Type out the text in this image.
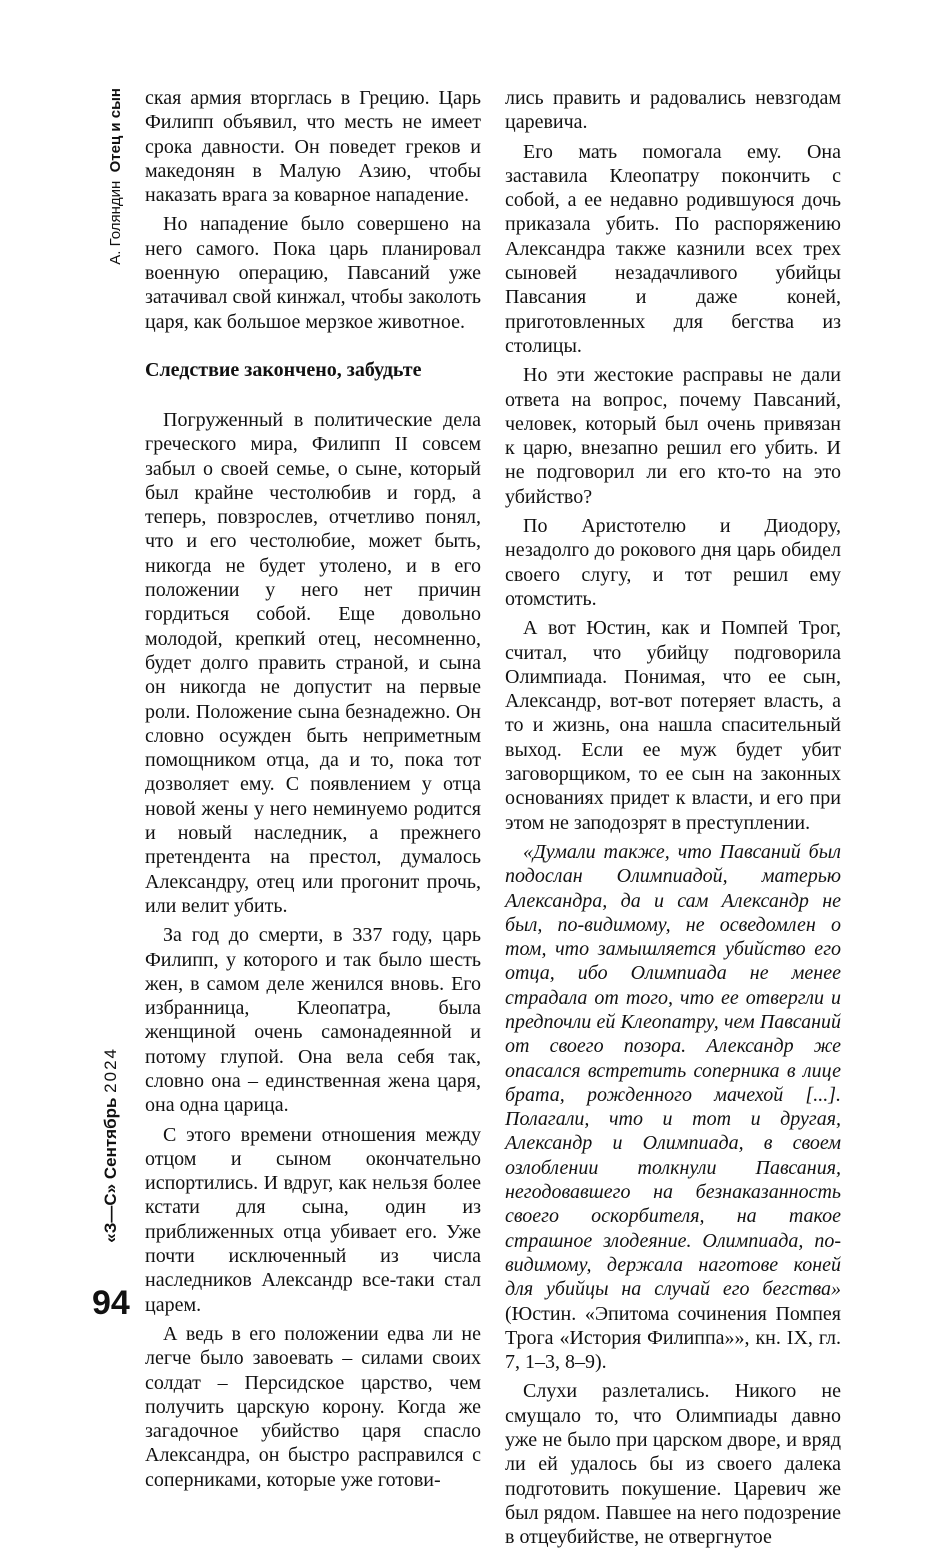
А. Голяндин  Отец и сын
«З—С» Сентябрь 2024
94

ская армия вторглась в Грецию. Царь Филипп объявил, что месть не имеет срока давности. Он поведет греков и македонян в Малую Азию, чтобы наказать врага за коварное нападение.

Но нападение было совершено на него самого. Пока царь планировал военную операцию, Павсаний уже затачивал свой кинжал, чтобы заколоть царя, как большое мерзкое животное.

Следствие закончено, забудьте

Погруженный в политические дела греческого мира, Филипп II совсем забыл о своей семье, о сыне, который был крайне честолюбив и горд, а теперь, повзрослев, отчетливо понял, что и его честолюбие, может быть, никогда не будет утолено, и в его положении у него нет причин гордиться собой. Еще довольно молодой, крепкий отец, несомненно, будет долго править страной, и сына он никогда не допустит на первые роли. Положение сына безнадежно. Он словно осужден быть неприметным помощником отца, да и то, пока тот дозволяет ему. С появлением у отца новой жены у него неминуемо родится и новый наследник, а прежнего претендента на престол, думалось Александру, отец или прогонит прочь, или велит убить.

За год до смерти, в 337 году, царь Филипп, у которого и так было шесть жен, в самом деле женился вновь. Его избранница, Клеопатра, была женщиной очень самонадеянной и потому глупой. Она вела себя так, словно она – единственная жена царя, она одна царица.

С этого времени отношения между отцом и сыном окончательно испортились. И вдруг, как нельзя более кстати для сына, один из приближенных отца убивает его. Уже почти исключенный из числа наследников Александр все-таки стал царем.

А ведь в его положении едва ли не легче было завоевать – силами своих солдат – Персидское царство, чем получить царскую корону. Когда же загадочное убийство царя спасло Александра, он быстро расправился с соперниками, которые уже готови-

лись править и радовались невзгодам царевича.

Его мать помогала ему. Она заставила Клеопатру покончить с собой, а ее недавно родившуюся дочь приказала убить. По распоряжению Александра также казнили всех трех сыновей незадачливого убийцы Павсания и даже коней, приготовленных для бегства из столицы.

Но эти жестокие расправы не дали ответа на вопрос, почему Павсаний, человек, который был очень привязан к царю, внезапно решил его убить. И не подговорил ли его кто-то на это убийство?

По Аристотелю и Диодору, незадолго до рокового дня царь обидел своего слугу, и тот решил ему отомстить.

А вот Юстин, как и Помпей Трог, считал, что убийцу подговорила Олимпиада. Понимая, что ее сын, Александр, вот-вот потеряет власть, а то и жизнь, она нашла спасительный выход. Если ее муж будет убит заговорщиком, то ее сын на законных основаниях придет к власти, и его при этом не заподозрят в преступлении.

«Думали также, что Павсаний был подослан Олимпиадой, матерью Александра, да и сам Александр не был, по-видимому, не осведомлен о том, что замышляется убийство его отца, ибо Олимпиада не менее страдала от того, что ее отвергли и предпочли ей Клеопатру, чем Павсаний от своего позора. Александр же опасался встретить соперника в лице брата, рожденного мачехой [...]. Полагали, что и тот и другая, Александр и Олимпиада, в своем озлоблении толкнули Павсания, негодовавшего на безнаказанность своего оскорбителя, на такое страшное злодеяние. Олимпиада, по-видимому, держала наготове коней для убийцы на случай его бегства» (Юстин. «Эпитома сочинения Помпея Трога «История Филиппа»», кн. IX, гл. 7, 1–3, 8–9).

Слухи разлетались. Никого не смущало то, что Олимпиады давно уже не было при царском дворе, и вряд ли ей удалось бы из своего далека подготовить покушение. Царевич же был рядом. Павшее на него подозрение в отцеубийстве, не отвергнутое
